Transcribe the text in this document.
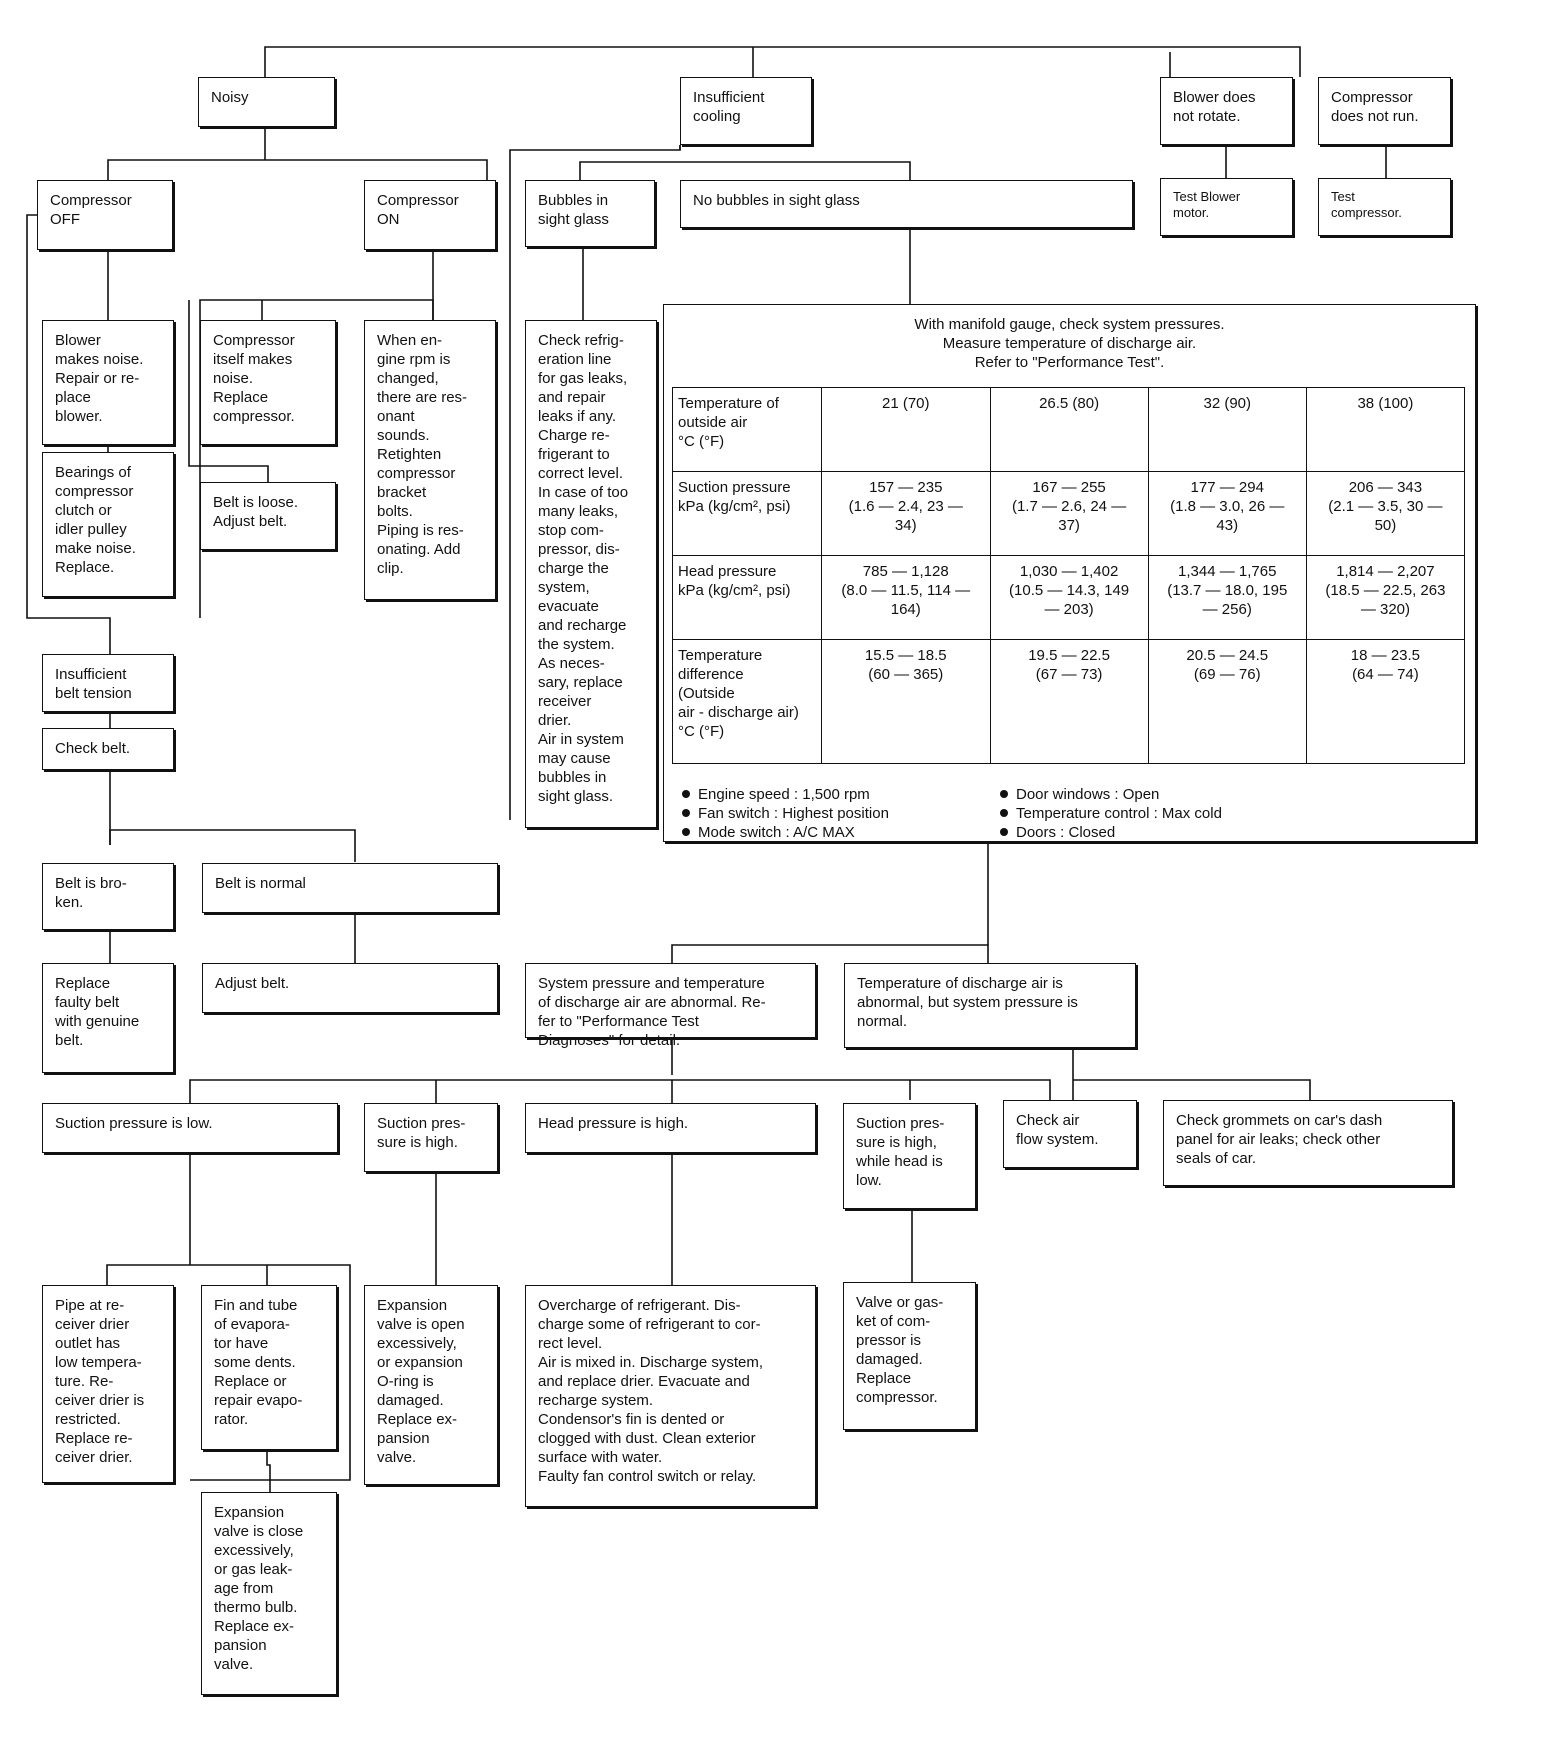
Noisy	Insufficient
cooling
Blower does
not rotate.
Compressor
does not run.
Test Blower
motor.
Test
compressor.
Compressor
OFF
Compressor
ON
Blower
makes noise.
Repair or re-
place
blower.
Bearings of
compressor
clutch or
idler pulley
make noise.
Replace.
Compressor
itself makes
noise.
Replace
compressor.
When en-
gine rpm is
changed,
there are res-
onant
sounds.
Retighten
compressor
bracket
bolts.
Piping is res-
onating. Add
clip.
Belt is loose.
Adjust belt.
Insufficient
belt tension
Check belt.
Belt is bro-
ken.
Belt is normal
Replace
faulty belt
with genuine
belt.
Adjust belt.
Bubbles in
sight glass
No bubbles in sight glass
Check refrig-
eration line
for gas leaks,
and repair
leaks if any.
Charge re-
frigerant to
correct level.
In case of too
many leaks,
stop com-
pressor, dis-
charge the
system,
evacuate
and recharge
the system.
As neces-
sary, replace
receiver
drier.
Air in system
may cause
bubbles in
sight glass.
With manifold gauge, check system pressures.
Measure temperature of discharge air.
Refer to "Performance Test".
Temperature of
outside air
°C (°F)	21 (70)	26.5 (80)	32 (90)	38 (100)
Suction pressure
kPa (kg/cm², psi)	157 — 235
(1.6 — 2.4, 23 —
34)	167 — 255
(1.7 — 2.6, 24 —
37)	177 — 294
(1.8 — 3.0, 26 —
43)	206 — 343
(2.1 — 3.5, 30 —
50)
Head pressure
kPa (kg/cm², psi)	785 — 1,128
(8.0 — 11.5, 114 —
164)	1,030 — 1,402
(10.5 — 14.3, 149
— 203)	1,344 — 1,765
(13.7 — 18.0, 195
— 256)	1,814 — 2,207
(18.5 — 22.5, 263
— 320)
Temperature
difference
(Outside
air - discharge air)
°C (°F)	15.5 — 18.5
(60 — 365)	19.5 — 22.5
(67 — 73)	20.5 — 24.5
(69 — 76)	18 — 23.5
(64 — 74)
Engine speed : 1,500 rpm
Fan switch : Highest position
Mode switch : A/C MAX
Door windows : Open
Temperature control : Max cold
Doors : Closed
System pressure and temperature
of discharge air are abnormal. Re-
fer to "Performance Test
Diagnoses" for detail.
Temperature of discharge air is
abnormal, but system pressure is
normal.
Suction pressure is low.	Suction pres-
sure is high.
Head pressure is high.	Suction pres-
sure is high,
while head is
low.
Check air
flow system.
Check grommets on car's dash
panel for air leaks; check other
seals of car.
Pipe at re-
ceiver drier
outlet has
low tempera-
ture. Re-
ceiver drier is
restricted.
Replace re-
ceiver drier.
Fin and tube
of evapora-
tor have
some dents.
Replace or
repair evapo-
rator.
Expansion
valve is close
excessively,
or gas leak-
age from
thermo bulb.
Replace ex-
pansion
valve.
Expansion
valve is open
excessively,
or expansion
O-ring is
damaged.
Replace ex-
pansion
valve.
Overcharge of refrigerant. Dis-
charge some of refrigerant to cor-
rect level.
Air is mixed in. Discharge system,
and replace drier. Evacuate and
recharge system.
Condensor's fin is dented or
clogged with dust. Clean exterior
surface with water.
Faulty fan control switch or relay.
Valve or gas-
ket of com-
pressor is
damaged.
Replace
compressor.
